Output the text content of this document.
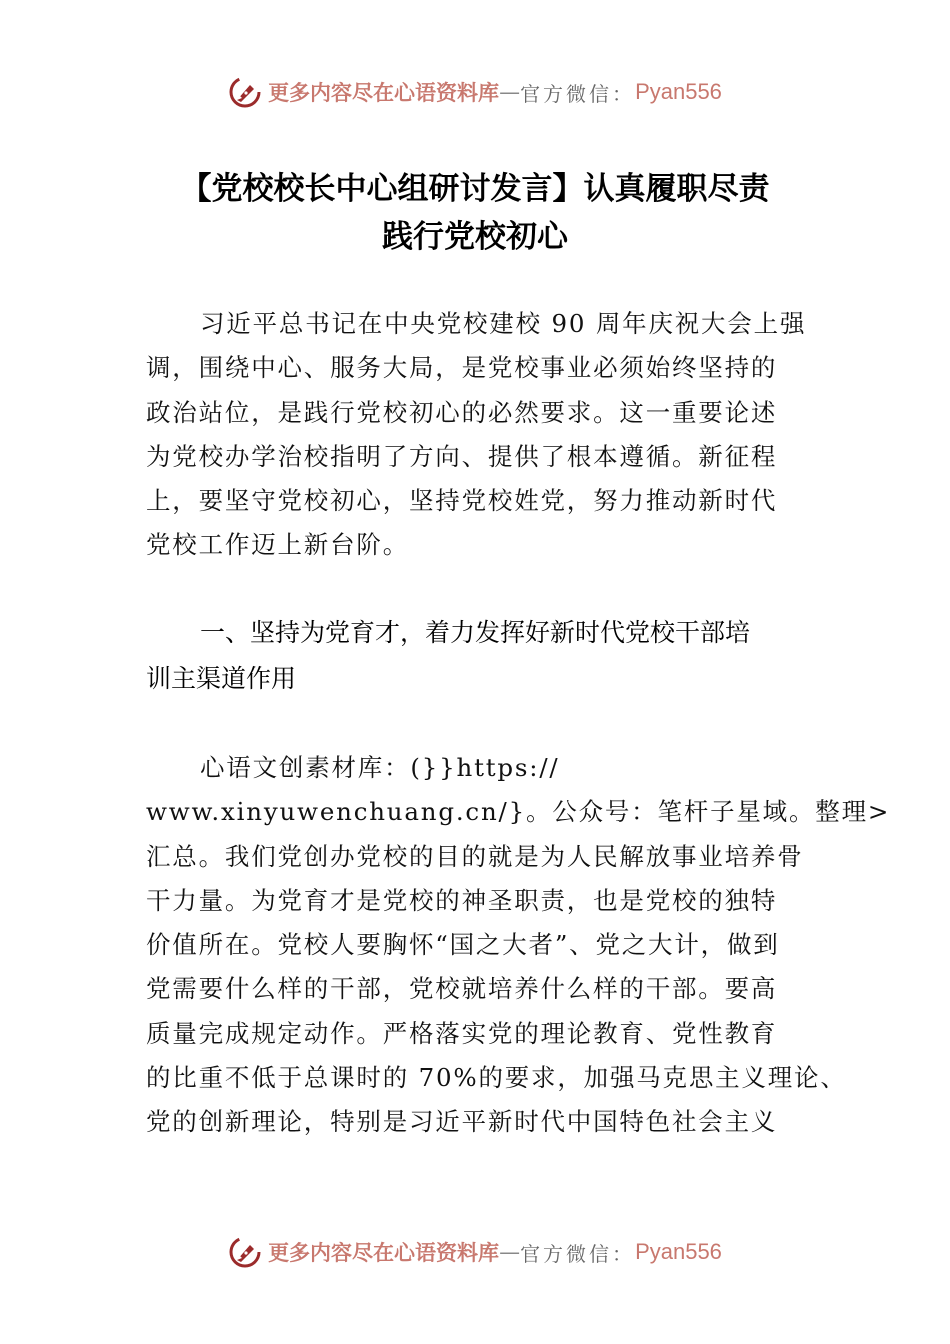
更多内容尽在心语资料库 — 官方微信： Pyan556
【党校校长中心组研讨发言】认真履职尽责
践行党校初心
习近平总书记在中央党校建校 90 周年庆祝大会上强
调，围绕中心、服务大局，是党校事业必须始终坚持的
政治站位，是践行党校初心的必然要求。这一重要论述
为党校办学治校指明了方向、提供了根本遵循。新征程
上，要坚守党校初心，坚持党校姓党，努力推动新时代
党校工作迈上新台阶。
一、坚持为党育才，着力发挥好新时代党校干部培
训主渠道作用
心语文创素材库：(}}https://
www.xinyuwenchuang.cn/}。公众号：笔杆子星域。整理>
汇总。我们党创办党校的目的就是为人民解放事业培养骨
干力量。为党育才是党校的神圣职责，也是党校的独特
价值所在。党校人要胸怀“国之大者”、党之大计，做到
党需要什么样的干部，党校就培养什么样的干部。要高
质量完成规定动作。严格落实党的理论教育、党性教育
的比重不低于总课时的 70%的要求，加强马克思主义理论、
党的创新理论，特别是习近平新时代中国特色社会主义
更多内容尽在心语资料库 — 官方微信： Pyan556
